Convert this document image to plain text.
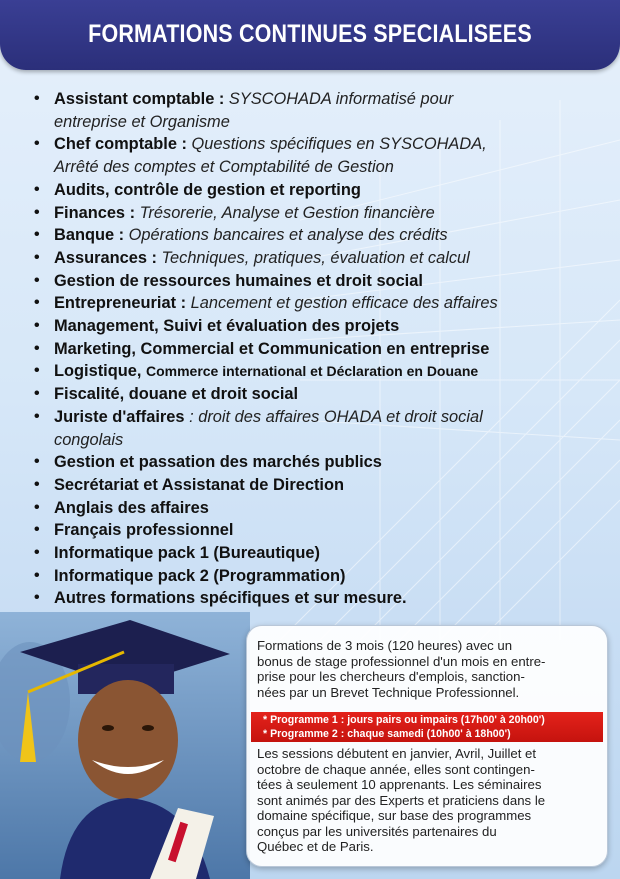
FORMATIONS CONTINUES SPECIALISEES
• Assistant comptable : SYSCOHADA informatisé pour
entreprise et Organisme
• Chef comptable : Questions spécifiques en SYSCOHADA,
Arrêté des comptes et Comptabilité de Gestion
• Audits, contrôle de gestion et reporting
• Finances : Trésorerie, Analyse et Gestion financière
• Banque : Opérations bancaires et analyse des crédits
• Assurances : Techniques, pratiques, évaluation et calcul
• Gestion de ressources humaines et droit social
• Entrepreneuriat : Lancement et gestion efficace des affaires
• Management, Suivi et évaluation des projets
• Marketing, Commercial et Communication en entreprise
• Logistique, Commerce international et Déclaration en Douane
• Fiscalité, douane et droit social
• Juriste d'affaires : droit des affaires OHADA et droit social
congolais
• Gestion et passation des marchés publics
• Secrétariat et Assistanat de Direction
• Anglais des affaires
• Français professionnel
• Informatique pack 1 (Bureautique)
• Informatique pack 2 (Programmation)
• Autres formations spécifiques et sur mesure.

Formations de 3 mois (120 heures) avec un

bonus de stage professionnel d'un mois en entre-

prise pour les chercheurs d'emplois, sanction-

nées par un Brevet Technique Professionnel.

* Programme 1 : jours pairs ou impairs (17h00' à 20h00')
* Programme 2 : chaque samedi (10h00' à 18h00')

Les sessions débutent en janvier, Avril, Juillet et

octobre de chaque année, elles sont contingen-

tées à seulement 10 apprenants. Les séminaires

sont animés par des Experts et praticiens dans le

domaine spécifique, sur base des programmes

conçus par les universités partenaires du

Québec et de Paris.
